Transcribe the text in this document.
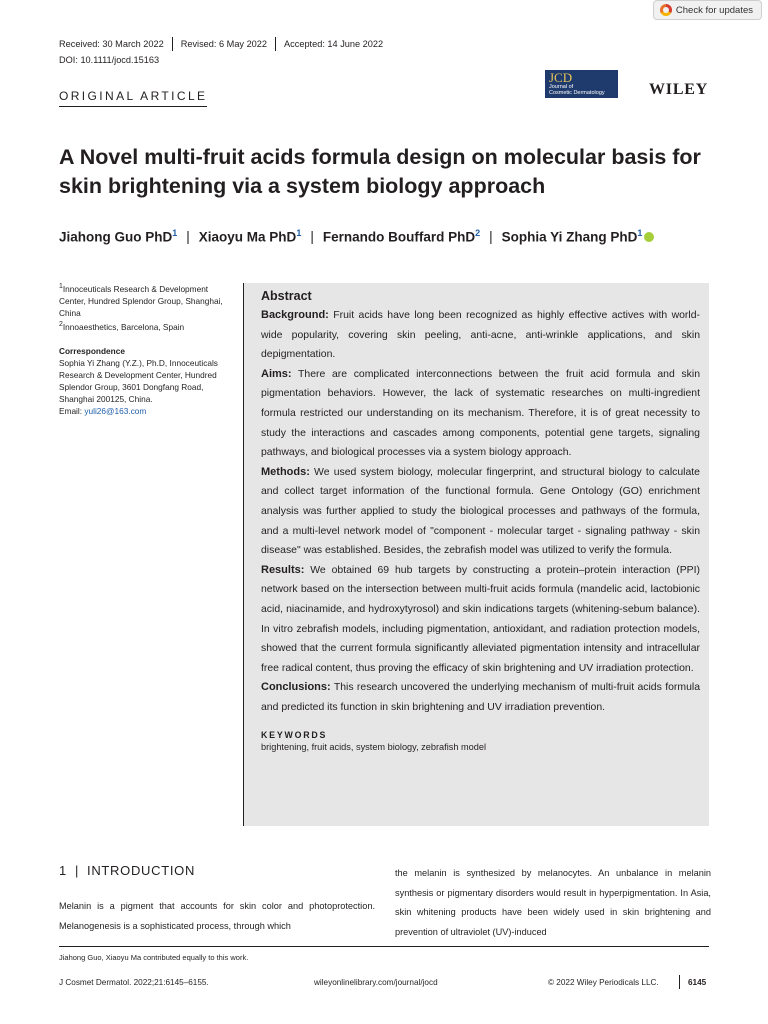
Check for updates
Received: 30 March 2022 Revised: 6 May 2022 Accepted: 14 June 2022
DOI: 10.1111/jocd.15163
ORIGINAL ARTICLE
JCD
Journal of
Cosmetic Dermatology	WILEY
A Novel multi-fruit acids formula design on molecular basis for skin brightening via a system biology approach
Jiahong Guo PhD$^1$ | Xiaoyu Ma PhD$^1$ | Fernando Bouffard PhD$^2$ | Sophia Yi Zhang PhD$^1$

$^1$Innoceuticals Research & Development Center, Hundred Splendor Group, Shanghai, China

$^2$Innoaesthetics, Barcelona, Spain

Correspondence

Sophia Yi Zhang (Y.Z.), Ph.D, Innoceuticals Research & Development Center, Hundred Splendor Group, 3601 Dongfang Road, Shanghai 200125, China.

Email: yuli26@163.com

Abstract

Background: Fruit acids have long been recognized as highly effective actives with world-wide popularity, covering skin peeling, anti-acne, anti-wrinkle applications, and skin depigmentation.

Aims: There are complicated interconnections between the fruit acid formula and skin pigmentation behaviors. However, the lack of systematic researches on multi-ingredient formula restricted our understanding on its mechanism. Therefore, it is of great necessity to study the interactions and cascades among components, potential gene targets, signaling pathways, and biological processes via a system biology approach.

Methods: We used system biology, molecular fingerprint, and structural biology to calculate and collect target information of the functional formula. Gene Ontology (GO) enrichment analysis was further applied to study the biological processes and pathways of the formula, and a multi-level network model of "component - molecular target - signaling pathway - skin disease" was established. Besides, the zebrafish model was utilized to verify the formula.

Results: We obtained 69 hub targets by constructing a protein–protein interaction (PPI) network based on the intersection between multi-fruit acids formula (mandelic acid, lactobionic acid, niacinamide, and hydroxytyrosol) and skin indications targets (whitening-sebum balance). In vitro zebrafish models, including pigmentation, antioxidant, and radiation protection models, showed that the current formula significantly alleviated pigmentation intensity and intracellular free radical content, thus proving the efficacy of skin brightening and UV irradiation protection.

Conclusions: This research uncovered the underlying mechanism of multi-fruit acids formula and predicted its function in skin brightening and UV irradiation prevention.

KEYWORDS
brightening, fruit acids, system biology, zebrafish model
1 | INTRODUCTION
Melanin is a pigment that accounts for skin color and photoprotection. Melanogenesis is a sophisticated process, through which
the melanin is synthesized by melanocytes. An unbalance in melanin synthesis or pigmentary disorders would result in hyperpigmentation. In Asia, skin whitening products have been widely used in skin brightening and prevention of ultraviolet (UV)-induced
Jiahong Guo, Xiaoyu Ma contributed equally to this work.
J Cosmet Dermatol. 2022;21:6145–6155.	wileyonlinelibrary.com/journal/jocd	© 2022 Wiley Periodicals LLC.	6145
